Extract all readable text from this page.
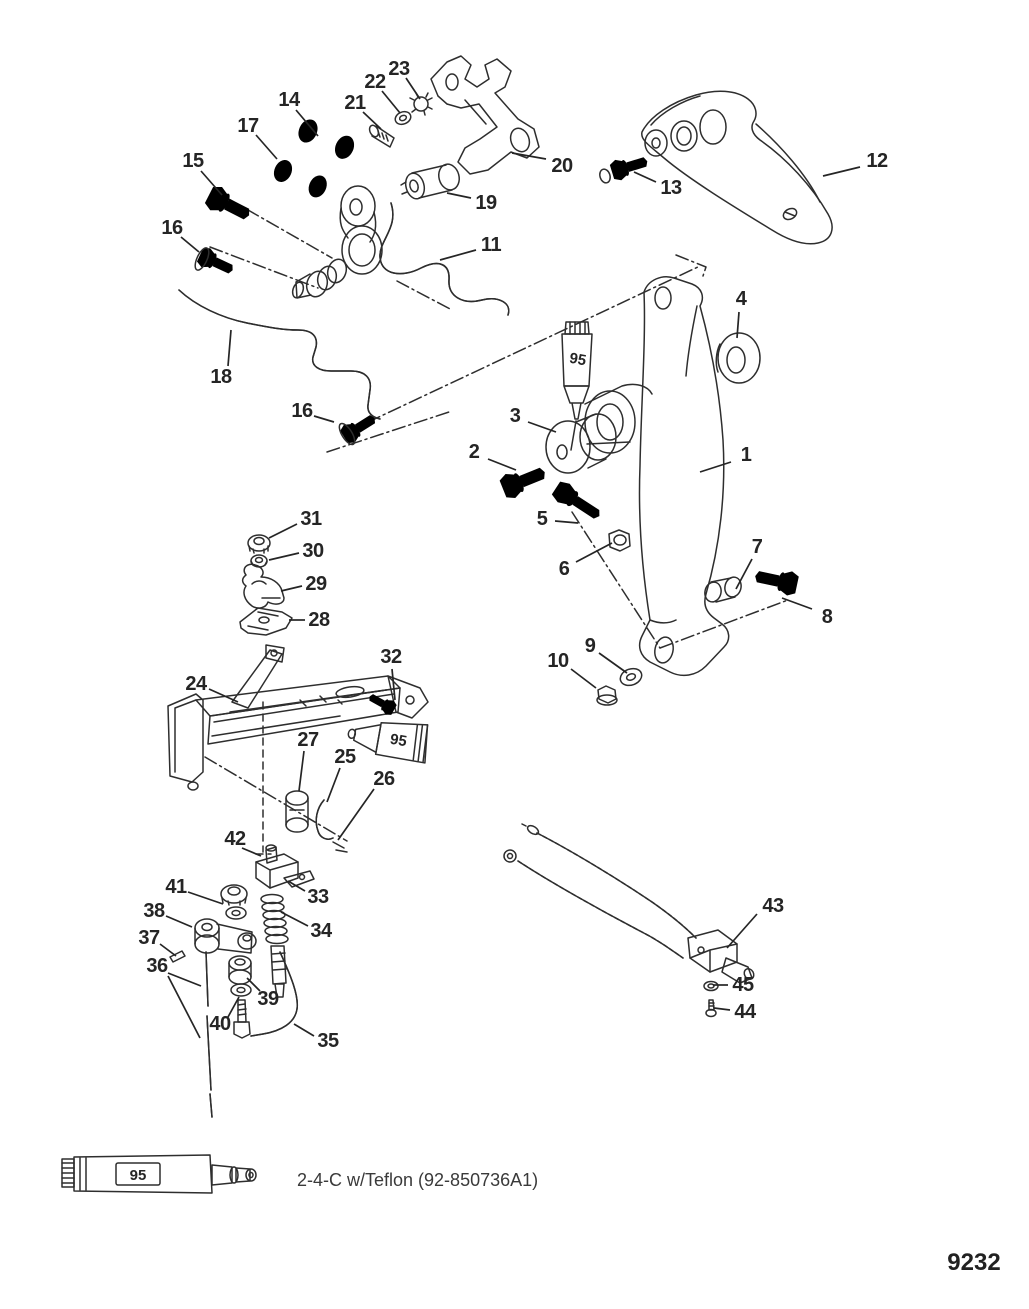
95
95
95	2-4-C w/Teflon (92-850736A1)
9232
1
2
3
4
5
6
7
8
9
10
11
12
13
14
15
16
17
18
16
19
20
21
22
23
24
25
26
27
28
29
30
31
32
33
34
35
36
37
38
39
40
41
42
43
44
45
